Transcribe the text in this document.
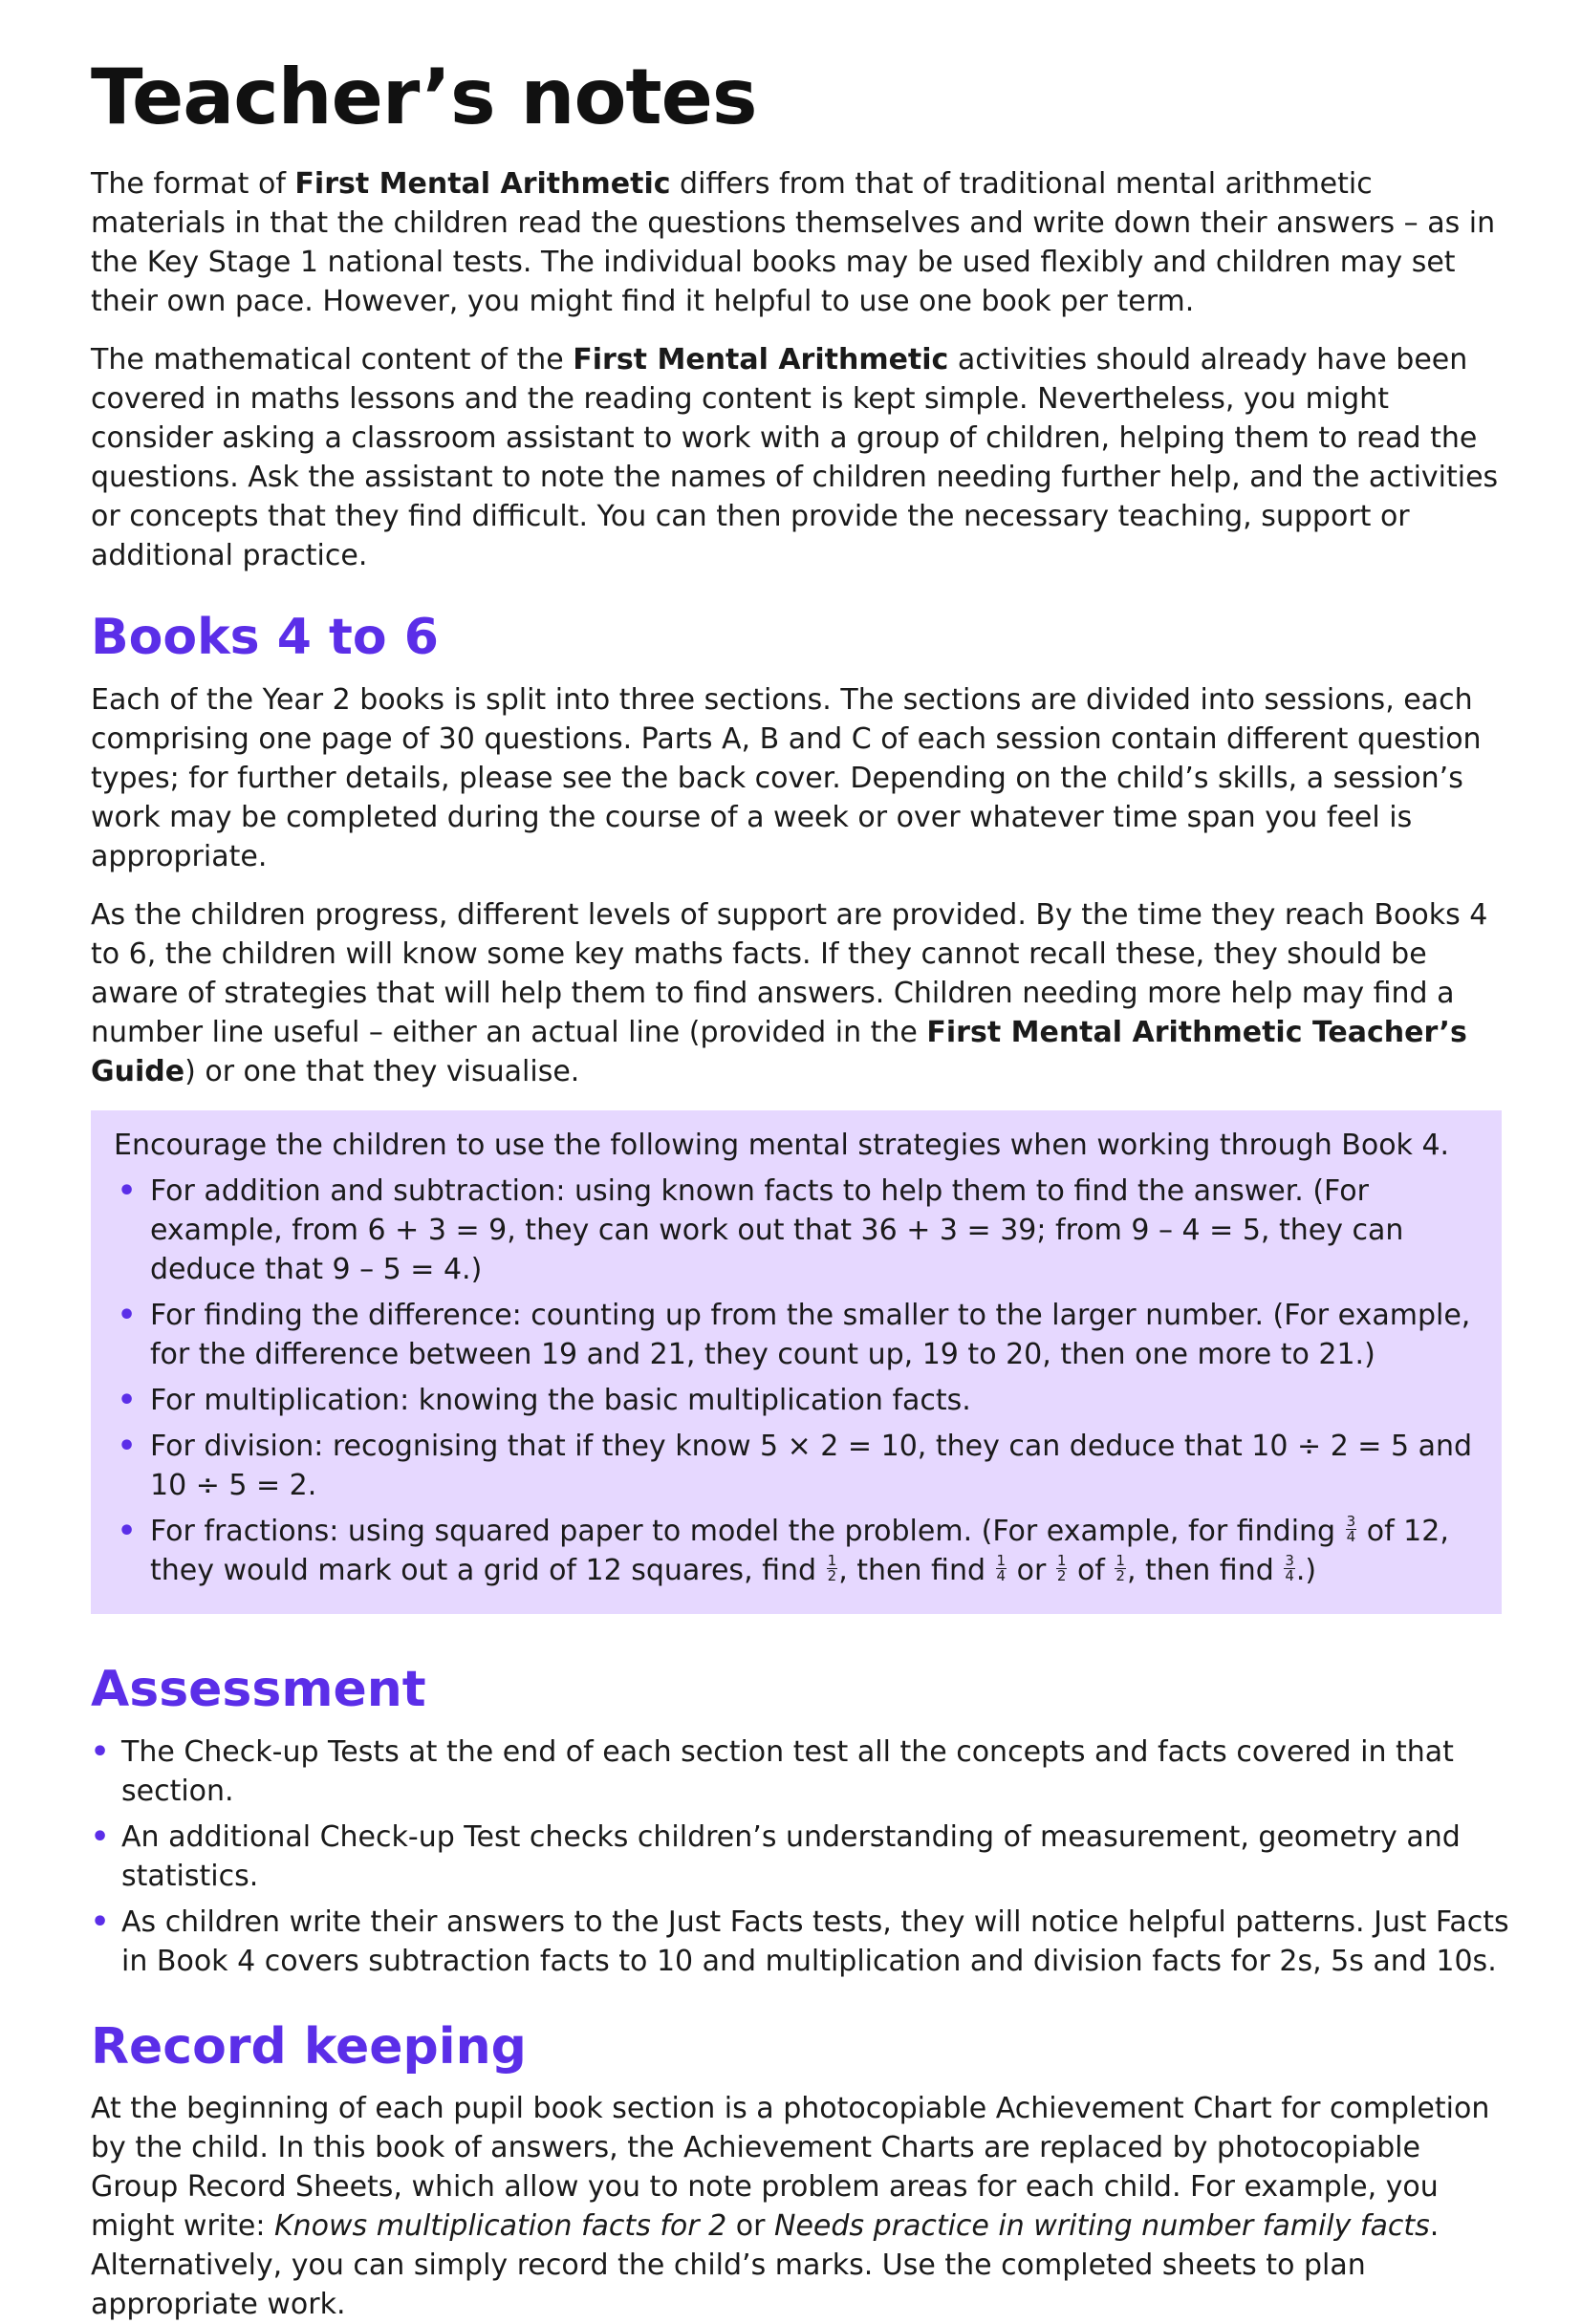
Teacher’s notes

The format of First Mental Arithmetic differs from that of traditional mental arithmetic materials in that the children read the questions themselves and write down their answers – as in the Key Stage 1 national tests. The individual books may be used flexibly and children may set their own pace. However, you might find it helpful to use one book per term.

The mathematical content of the First Mental Arithmetic activities should already have been covered in maths lessons and the reading content is kept simple. Nevertheless, you might consider asking a classroom assistant to work with a group of children, helping them to read the questions. Ask the assistant to note the names of children needing further help, and the activities or concepts that they find difficult. You can then provide the necessary teaching, support or additional practice.

Books 4 to 6

Each of the Year 2 books is split into three sections. The sections are divided into sessions, each comprising one page of 30 questions. Parts A, B and C of each session contain different question types; for further details, please see the back cover. Depending on the child’s skills, a session’s work may be completed during the course of a week or over whatever time span you feel is appropriate.

As the children progress, different levels of support are provided. By the time they reach Books 4 to 6, the children will know some key maths facts. If they cannot recall these, they should be aware of strategies that will help them to find answers. Children needing more help may find a number line useful – either an actual line (provided in the First Mental Arithmetic Teacher’s Guide) or one that they visualise.

Encourage the children to use the following mental strategies when working through Book 4.
• For addition and subtraction: using known facts to help them to find the answer. (For example, from 6 + 3 = 9, they can work out that 36 + 3 = 39; from 9 – 4 = 5, they can deduce that 9 – 5 = 4.)
• For finding the difference: counting up from the smaller to the larger number. (For example, for the difference between 19 and 21, they count up, 19 to 20, then one more to 21.)
• For multiplication: knowing the basic multiplication facts.
• For division: recognising that if they know 5 × 2 = 10, they can deduce that 10 ÷ 2 = 5 and 10 ÷ 5 = 2.
• For fractions: using squared paper to model the problem. (For example, for finding $\frac{3}{4}$ of 12, they would mark out a grid of 12 squares, find $\frac{1}{2}$ , then find $\frac{1}{4}$ or $\frac{1}{2}$ of $\frac{1}{2}$ , then find $\frac{3}{4}$ .)
Assessment
• The Check-up Tests at the end of each section test all the concepts and facts covered in that section.
• An additional Check-up Test checks children’s understanding of measurement, geometry and statistics.
• As children write their answers to the Just Facts tests, they will notice helpful patterns. Just Facts in Book 4 covers subtraction facts to 10 and multiplication and division facts for 2s, 5s and 10s.
Record keeping

At the beginning of each pupil book section is a photocopiable Achievement Chart for completion by the child. In this book of answers, the Achievement Charts are replaced by photocopiable Group Record Sheets, which allow you to note problem areas for each child. For example, you might write: Knows multiplication facts for 2 or Needs practice in writing number family facts. Alternatively, you can simply record the child’s marks. Use the completed sheets to plan appropriate work.
